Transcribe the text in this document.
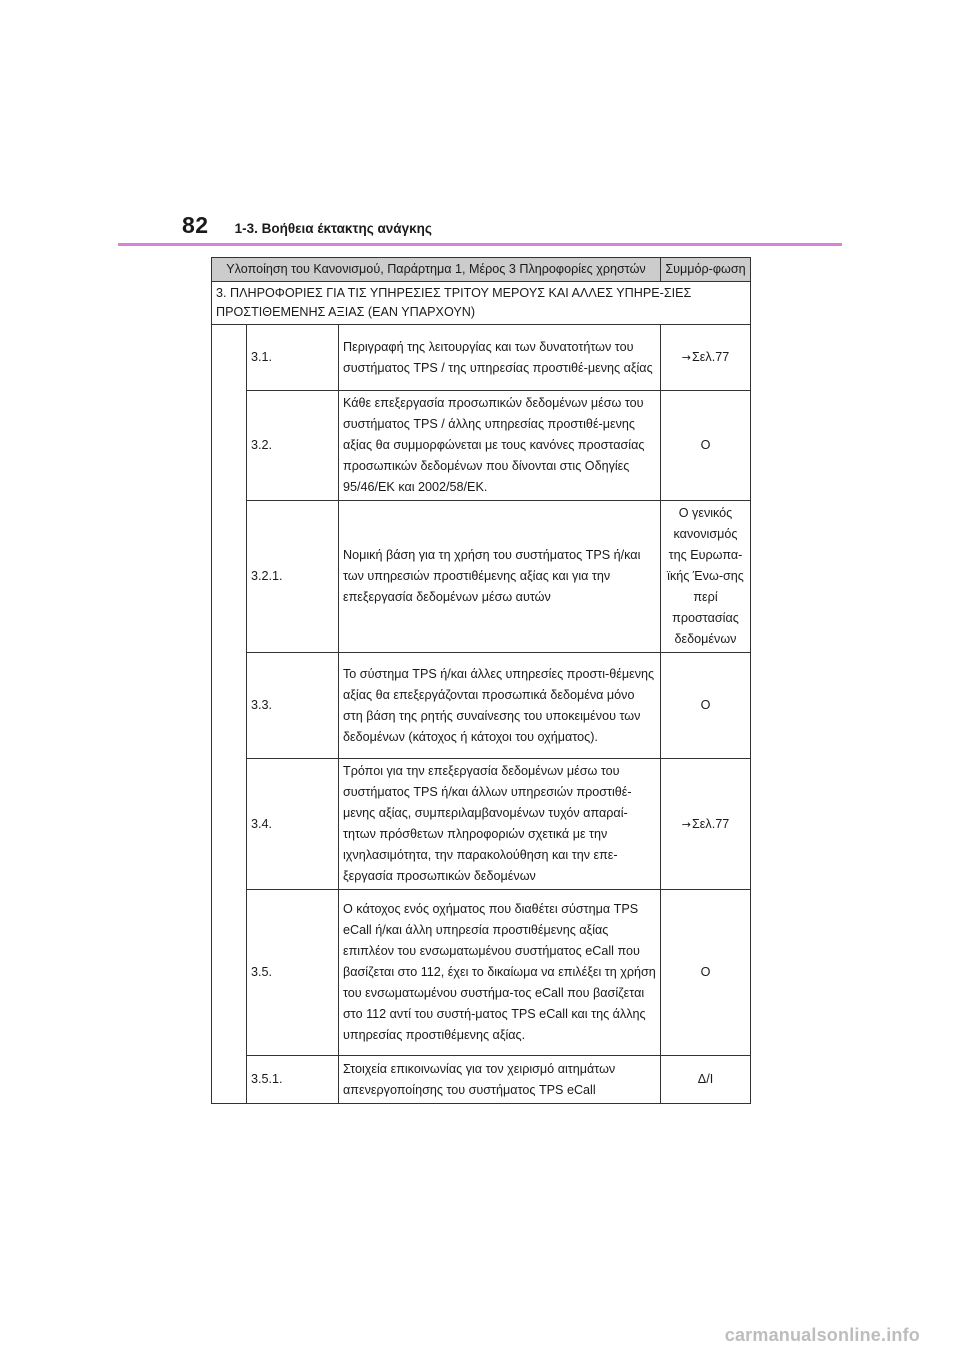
82 1-3. Βοήθεια έκτακτης ανάγκης
Υλοποίηση του Κανονισμού, Παράρτημα 1, Μέρος 3 Πληροφορίες χρηστών			Συμμόρ-φωση
3. ΠΛΗΡΟΦΟΡΙΕΣ ΓΙΑ ΤΙΣ ΥΠΗΡΕΣΙΕΣ ΤΡΙΤΟΥ ΜΕΡΟΥΣ ΚΑΙ ΑΛΛΕΣ ΥΠΗΡΕ-ΣΙΕΣ ΠΡΟΣΤΙΘΕΜΕΝΗΣ ΑΞΙΑΣ (ΕΑΝ ΥΠΑΡΧΟΥΝ)			
	3.1.	Περιγραφή της λειτουργίας και των δυνατοτήτων του συστήματος TPS / της υπηρεσίας προστιθέ-μενης αξίας	→Σελ.77
	3.2.	Κάθε επεξεργασία προσωπικών δεδομένων μέσω του συστήματος TPS / άλλης υπηρεσίας προστιθέ-μενης αξίας θα συμμορφώνεται με τους κανόνες προστασίας προσωπικών δεδομένων που δίνονται στις Οδηγίες 95/46/ΕΚ και 2002/58/ΕΚ.	O
	3.2.1.	Νομική βάση για τη χρήση του συστήματος TPS ή/και των υπηρεσιών προστιθέμενης αξίας και για την επεξεργασία δεδομένων μέσω αυτών	Ο γενικός κανονισμός της Ευρωπα-ϊκής Ένω-σης περί προστασίας δεδομένων
	3.3.	Το σύστημα TPS ή/και άλλες υπηρεσίες προστι-θέμενης αξίας θα επεξεργάζονται προσωπικά δεδομένα μόνο στη βάση της ρητής συναίνεσης του υποκειμένου των δεδομένων (κάτοχος ή κάτοχοι του οχήματος).	O
	3.4.	Τρόποι για την επεξεργασία δεδομένων μέσω του συστήματος TPS ή/και άλλων υπηρεσιών προστιθέ-μενης αξίας, συμπεριλαμβανομένων τυχόν απαραί-τητων πρόσθετων πληροφοριών σχετικά με την ιχνηλασιμότητα, την παρακολούθηση και την επε-ξεργασία προσωπικών δεδομένων	→Σελ.77
	3.5.	Ο κάτοχος ενός οχήματος που διαθέτει σύστημα TPS eCall ή/και άλλη υπηρεσία προστιθέμενης αξίας επιπλέον του ενσωματωμένου συστήματος eCall που βασίζεται στο 112, έχει το δικαίωμα να επιλέξει τη χρήση του ενσωματωμένου συστήμα-τος eCall που βασίζεται στο 112 αντί του συστή-ματος TPS eCall και της άλλης υπηρεσίας προστιθέμενης αξίας.	O
	3.5.1.	Στοιχεία επικοινωνίας για τον χειρισμό αιτημάτων απενεργοποίησης του συστήματος TPS eCall	Δ/Ι
carmanualsonline.info
